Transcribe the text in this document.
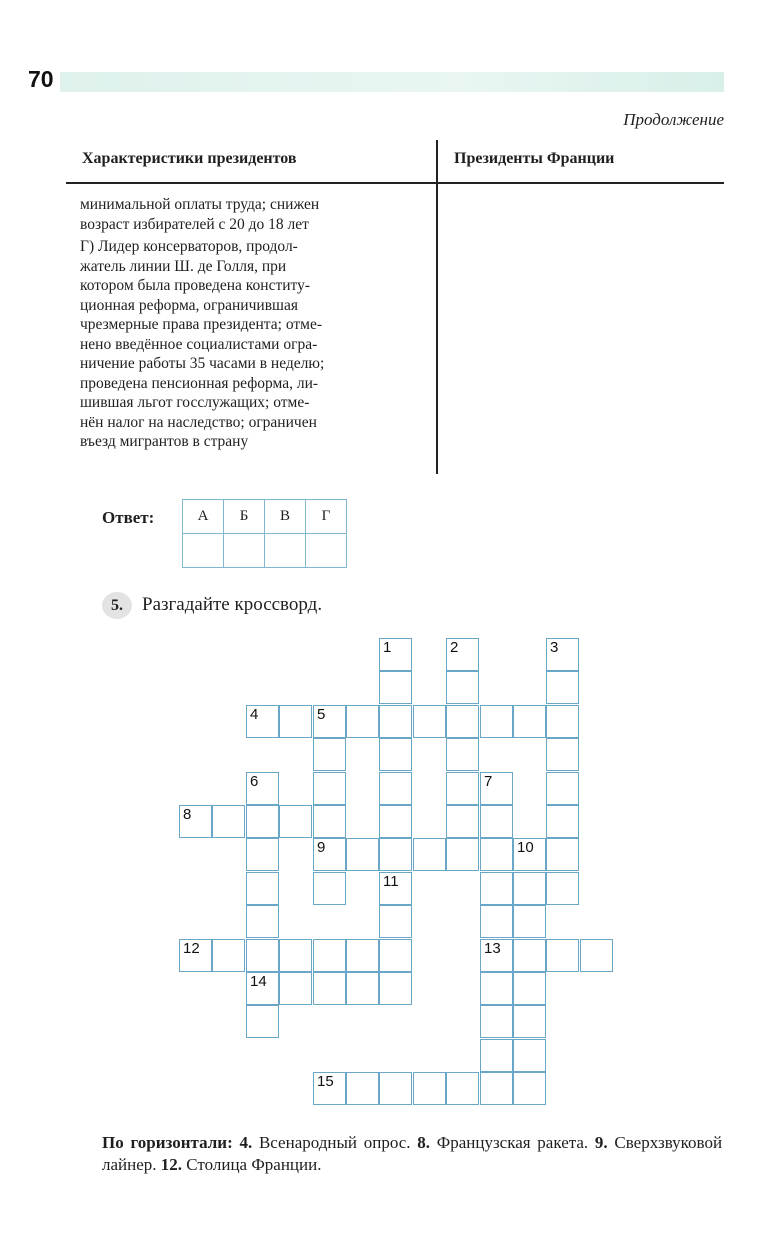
70
Продолжение
Характеристики президентов	Президенты Франции

минимальной оплаты труда; снижен

возраст избирателей с 20 до 18 лет

Г) Лидер консерваторов, продол-

жатель линии Ш. де Голля, при

котором была проведена конститу-

ционная реформа, ограничившая

чрезмерные права президента; отме-

нено введённое социалистами огра-

ничение работы 35 часами в неделю;

проведена пенсионная реформа, ли-

шившая льгот госслужащих; отме-

нён налог на наследство; ограничен

въезд мигрантов в страну

Ответ:	А	Б	В	Г

5.	Разгадайте кроссворд.
1	2	3
6
14
7
13
11
5
9
4
8
10
12
15
По горизонтали: 4. Всенародный опрос. 8. Французская ракета. 9. Сверхзвуковой лайнер. 12. Столица Франции.
